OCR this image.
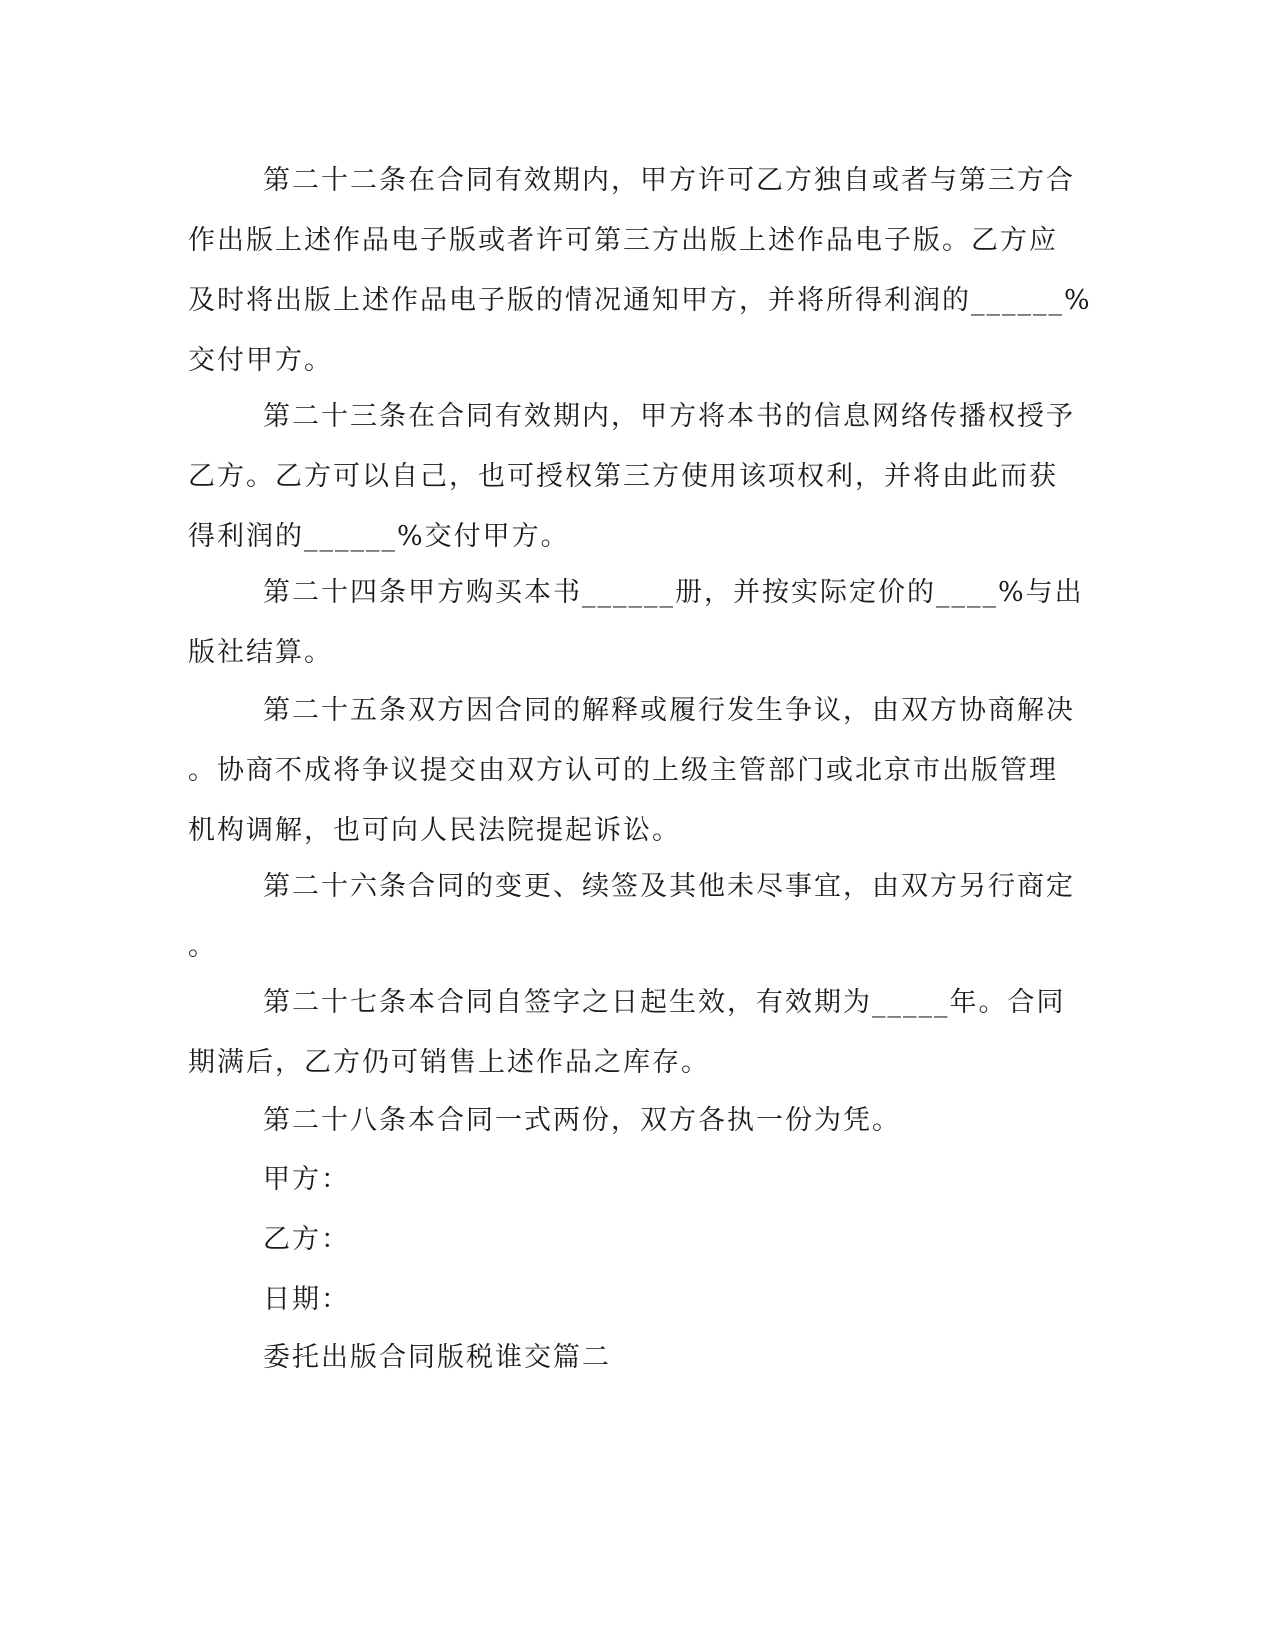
第二十二条在合同有效期内，甲方许可乙方独自或者与第三方合
作出版上述作品电子版或者许可第三方出版上述作品电子版。乙方应
及时将出版上述作品电子版的情况通知甲方，并将所得利润的______%
交付甲方。
第二十三条在合同有效期内，甲方将本书的信息网络传播权授予
乙方。乙方可以自己，也可授权第三方使用该项权利，并将由此而获
得利润的______%交付甲方。
第二十四条甲方购买本书______册，并按实际定价的____%与出
版社结算。
第二十五条双方因合同的解释或履行发生争议，由双方协商解决
。协商不成将争议提交由双方认可的上级主管部门或北京市出版管理
机构调解，也可向人民法院提起诉讼。
第二十六条合同的变更、续签及其他未尽事宜，由双方另行商定
。
第二十七条本合同自签字之日起生效，有效期为_____年。合同
期满后，乙方仍可销售上述作品之库存。
第二十八条本合同一式两份，双方各执一份为凭。
甲方：
乙方：
日期：
委托出版合同版税谁交篇二
